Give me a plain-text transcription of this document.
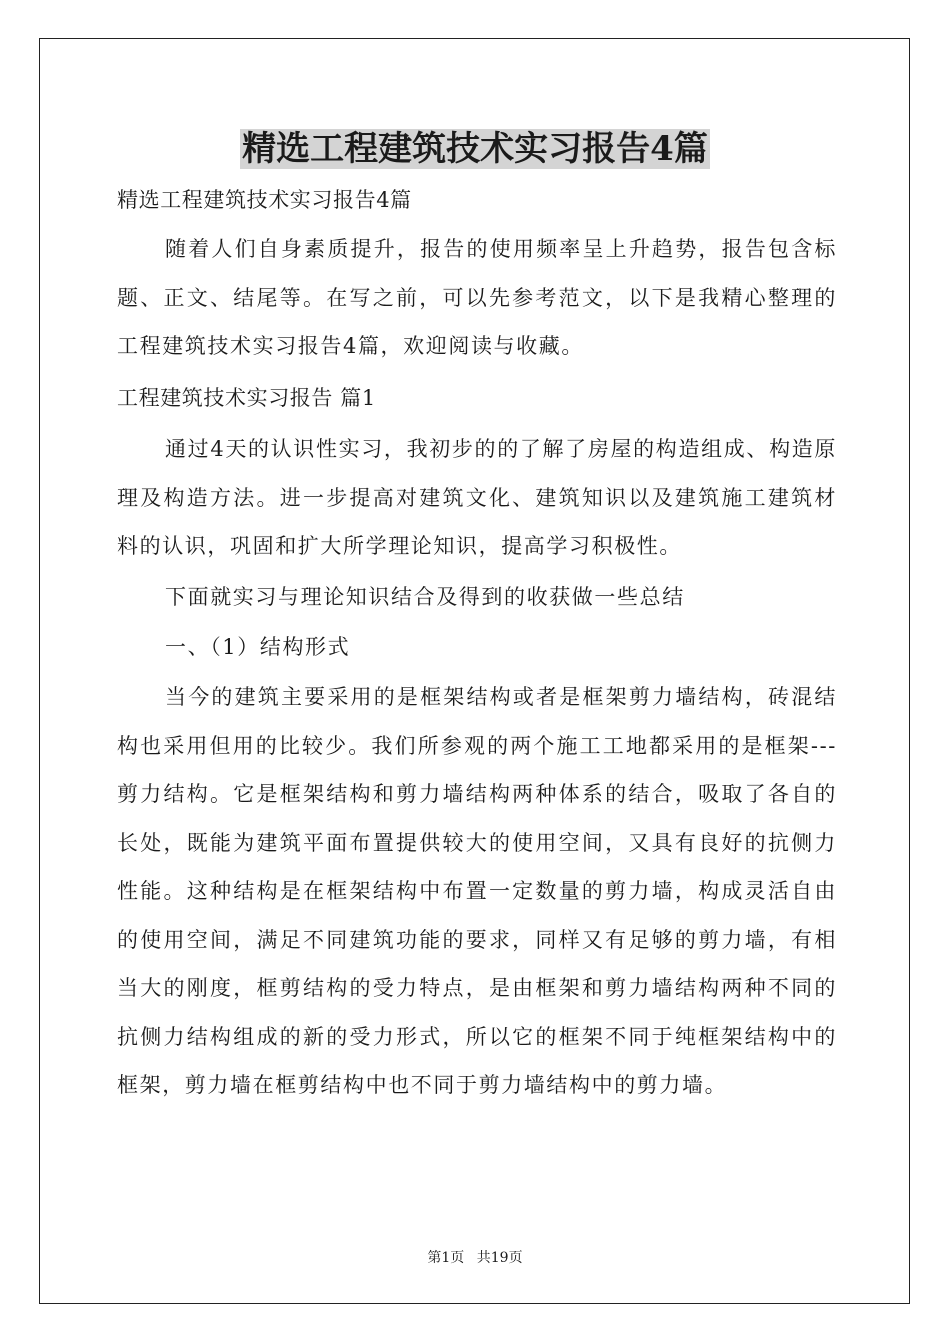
精选工程建筑技术实习报告4篇

精选工程建筑技术实习报告4篇

随着人们自身素质提升，报告的使用频率呈上升趋势，报告包含标题、正文、结尾等。在写之前，可以先参考范文，以下是我精心整理的工程建筑技术实习报告4篇，欢迎阅读与收藏。

工程建筑技术实习报告 篇1

通过4天的认识性实习，我初步的的了解了房屋的构造组成、构造原理及构造方法。进一步提高对建筑文化、建筑知识以及建筑施工建筑材料的认识，巩固和扩大所学理论知识，提高学习积极性。

下面就实习与理论知识结合及得到的收获做一些总结

一、（1）结构形式

当今的建筑主要采用的是框架结构或者是框架剪力墙结构，砖混结构也采用但用的比较少。我们所参观的两个施工工地都采用的是框架---剪力结构。它是框架结构和剪力墙结构两种体系的结合，吸取了各自的长处，既能为建筑平面布置提供较大的使用空间，又具有良好的抗侧力性能。这种结构是在框架结构中布置一定数量的剪力墙，构成灵活自由的使用空间，满足不同建筑功能的要求，同样又有足够的剪力墙，有相当大的刚度，框剪结构的受力特点，是由框架和剪力墙结构两种不同的抗侧力结构组成的新的受力形式，所以它的框架不同于纯框架结构中的框架，剪力墙在框剪结构中也不同于剪力墙结构中的剪力墙。

第1页 共19页
